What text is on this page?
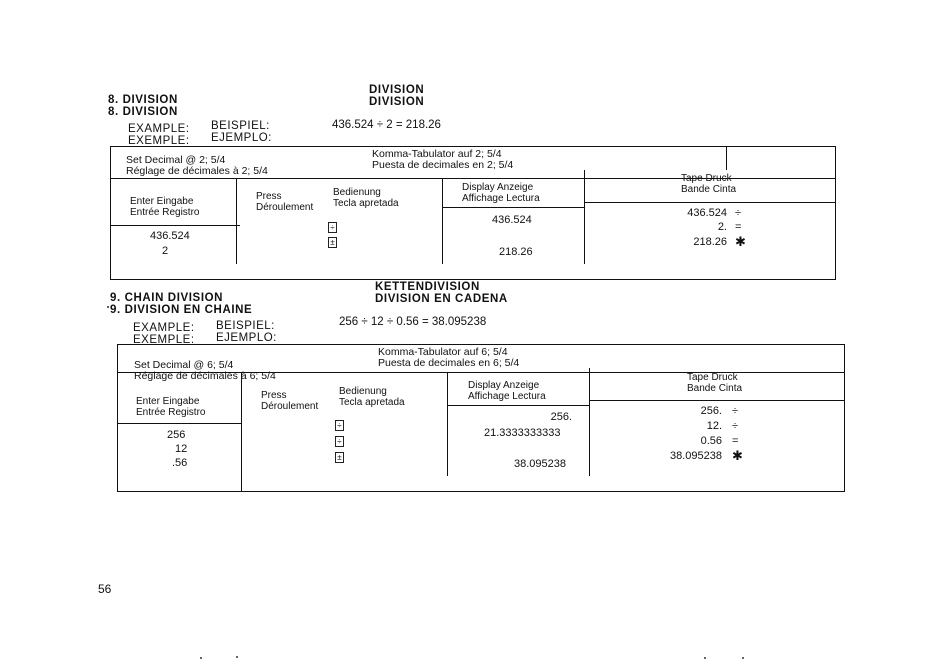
8. DIVISION
8. DIVISION
DIVISION
DIVISION
EXAMPLE:
EXEMPLE:
BEISPIEL:
EJEMPLO:
436.524 ÷ 2 = 218.26
Set Decimal @ 2; 5/4
Réglage de décimales à 2; 5/4
Komma-Tabulator auf 2; 5/4
Puesta de decimales en 2; 5/4
Enter Eingabe
Entrée Registro
Press
Déroulement
Bedienung
Tecla apretada
Display Anzeige
Affichage Lectura
Tape Druck
Bande Cinta
436.524
2
÷
±
436.524
218.26
436.524 ÷
2. =
218.26 ✱
9. CHAIN DIVISION
9. DIVISION EN CHAINE
KETTENDIVISION
DIVISION EN CADENA
EXAMPLE:
EXEMPLE:
BEISPIEL:
EJEMPLO:
256 ÷ 12 ÷ 0.56 = 38.095238
Set Decimal @ 6; 5/4
Réglage de décimales à 6; 5/4
Komma-Tabulator auf 6; 5/4
Puesta de decimales en 6; 5/4
Enter Eingabe
Entrée Registro
Press
Déroulement
Bedienung
Tecla apretada
Display Anzeige
Affichage Lectura
Tape Druck
Bande Cinta
256
12
.56
÷
÷
±
256.
21.3333333333
38.095238
256. ÷
12. ÷
0.56 =
38.095238 ✱
56
